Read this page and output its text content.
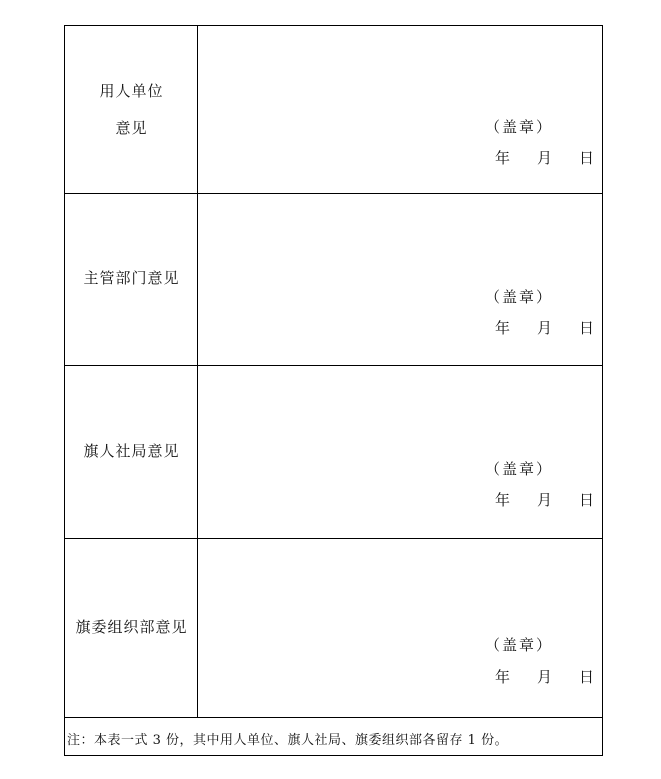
用人单位
意见	（盖章）
年 月 日
主管部门意见
（盖章）
年 月 日
旗人社局意见
（盖章）
年 月 日
旗委组织部意见
（盖章）
年 月 日
注：本表一式 3 份，其中用人单位、旗人社局、旗委组织部各留存 1 份。
